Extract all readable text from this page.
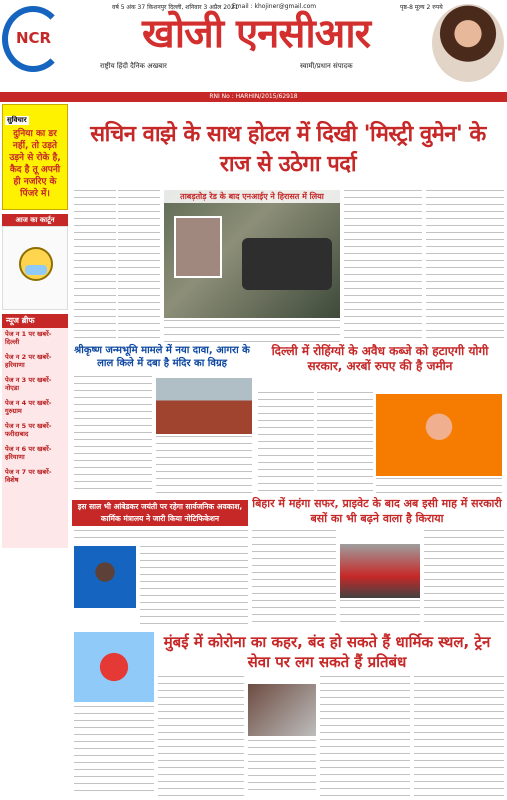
वर्ष 5 अंक 37 किशनपुर दिल्ली, शनिवार 3 अप्रैल 2021
Email : khojiner@gmail.com	पृष्ठ-8 मूल्य 2 रुपये
NCR	खोजी एनसीआर
राष्ट्रीय हिंदी दैनिक अखबार	स्वामी/प्रधान संपादक
RNI No : HARHIN/2015/62918
सुविचार
दुनिया का डर नहीं, तो उड़ते उड़ने से रोके है, कैद है तू अपनी ही नजरिए के पिंजरे में।
आज का कार्टून
न्यूज ब्रीफ
पेज न 1 पर खबरें- दिल्ली
पेज न 2 पर खबरें- हरियाणा
पेज न 3 पर खबरें- नोएडा
पेज न 4 पर खबरें- गुरुग्राम
पेज न 5 पर खबरें- फरीदाबाद
पेज न 6 पर खबरें- हरियाणा
पेज न 7 पर खबरें- विशेष
सचिन वाझे के साथ होटल में दिखी 'मिस्ट्री वुमेन' के राज से उठेगा पर्दा
ताबड़तोड़ रेड के बाद एनआईए ने हिरासत में लिया
श्रीकृष्ण जन्मभूमि मामले में नया दावा, आगरा के लाल किले में दबा है मंदिर का विग्रह
दिल्ली में रोहिंग्याें के अवैध कब्जे को हटाएगी योगी सरकार, अरबों रुपए की है जमीन
इस साल भी आंबेडकर जयंती पर रहेगा सार्वजनिक अवकाश, कार्मिक मंत्रालय ने जारी किया नोटिफिकेशन
बिहार में महंगा सफर, प्राइवेट के बाद अब इसी माह में सरकारी बसों का भी बढ़ने वाला है किराया
मुंबई में कोरोना का कहर, बंद हो सकते हैं धार्मिक स्थल, ट्रेन सेवा पर लग सकते हैं प्रतिबंध
